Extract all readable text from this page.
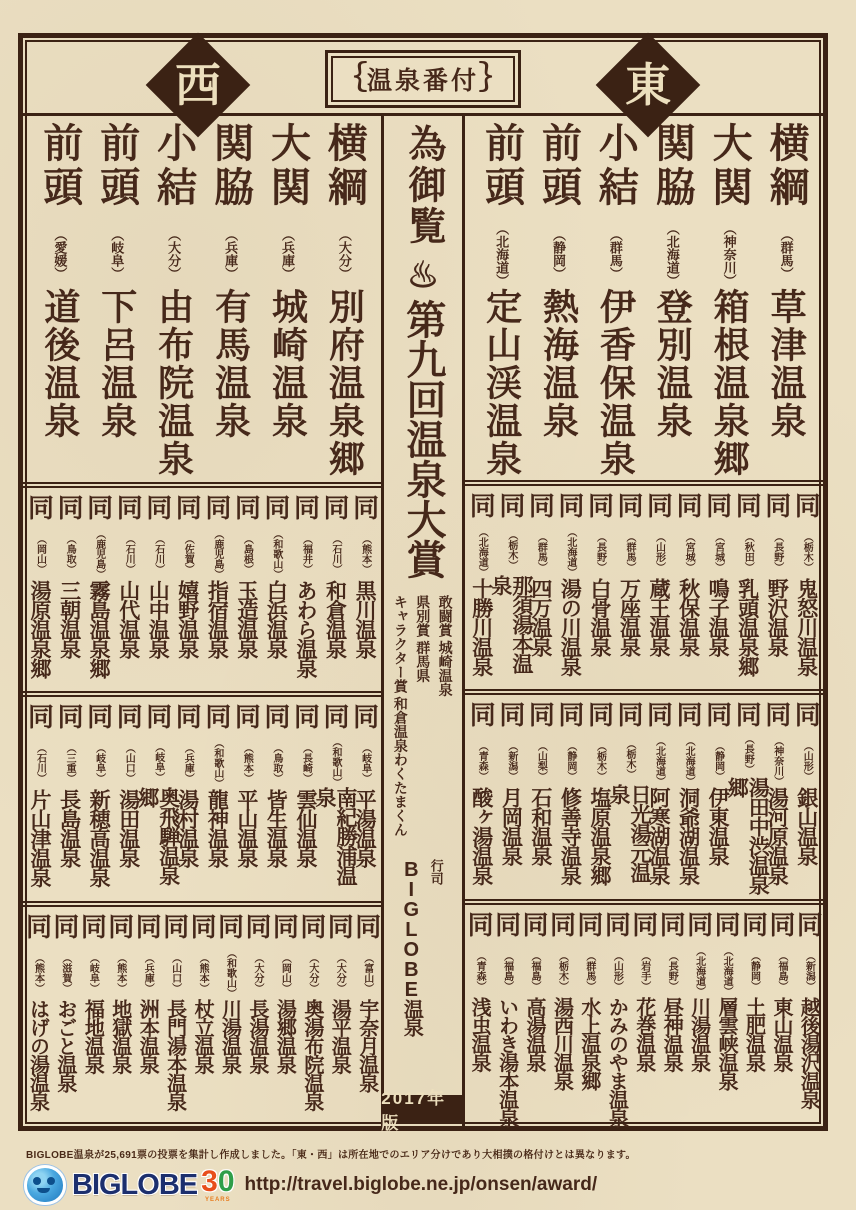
西	｛ 温泉番付 ｝	東
横綱
（大分）
別府温泉郷
大関
（兵庫）
城崎温泉
関脇
（兵庫）
有馬温泉
小結
（大分）
由布院温泉
前頭
（岐阜）
下呂温泉
前頭
（愛媛）
道後温泉
同
（熊本）
黒川温泉
同
（石川）
和倉温泉
同
（福井）
あわら温泉
同
（和歌山）
白浜温泉
同
（島根）
玉造温泉
同
（鹿児島）
指宿温泉
同
（佐賀）
嬉野温泉
同
（石川）
山中温泉
同
（石川）
山代温泉
同
（鹿児島）
霧島温泉郷
同
（鳥取）
三朝温泉
同
（岡山）
湯原温泉郷
同
（岐阜）
平湯温泉
同
（和歌山）
南紀勝浦温泉
同
（長崎）
雲仙温泉
同
（鳥取）
皆生温泉
同
（熊本）
平山温泉
同
（和歌山）
龍神温泉
同
（兵庫）
湯村温泉
同
（岐阜）
奥飛騨温泉郷
同
（山口）
湯田温泉
同
（岐阜）
新穂高温泉
同
（三重）
長島温泉
同
（石川）
片山津温泉
同
（富山）
宇奈月温泉
同
（大分）
湯平温泉
同
（大分）
奥湯布院温泉
同
（岡山）
湯郷温泉
同
（大分）
長湯温泉
同
（和歌山）
川湯温泉
同
（熊本）
杖立温泉
同
（山口）
長門湯本温泉
同
（兵庫）
洲本温泉
同
（熊本）
地獄温泉
同
（岐阜）
福地温泉
同
（滋賀）
おごと温泉
同
（熊本）
はげの湯温泉
為御覧
♨
第九回温泉大賞
敢闘賞 城崎温泉
県別賞 群馬県
キャラクター賞 和倉温泉わくたまくん
行司
BIGLOBE温泉
2017年版
横綱
（群馬）
草津温泉
大関
（神奈川）
箱根温泉郷
関脇
（北海道）
登別温泉
小結
（群馬）
伊香保温泉
前頭
（静岡）
熱海温泉
前頭
（北海道）
定山渓温泉
同
（栃木）
鬼怒川温泉
同
（長野）
野沢温泉
同
（秋田）
乳頭温泉郷
同
（宮城）
鳴子温泉
同
（宮城）
秋保温泉
同
（山形）
蔵王温泉
同
（群馬）
万座温泉
同
（長野）
白骨温泉
同
（北海道）
湯の川温泉
同
（群馬）
四万温泉
同
（栃木）
那須湯本温泉
同
（北海道）
十勝川温泉
同
（山形）
銀山温泉
同
（神奈川）
湯河原温泉
同
（長野）
湯田中渋温泉郷
同
（静岡）
伊東温泉
同
（北海道）
洞爺湖温泉
同
（北海道）
阿寒湖温泉
同
（栃木）
日光湯元温泉
同
（栃木）
塩原温泉郷
同
（静岡）
修善寺温泉
同
（山梨）
石和温泉
同
（新潟）
月岡温泉
同
（青森）
酸ヶ湯温泉
同
（新潟）
越後湯沢温泉
同
（福島）
東山温泉
同
（静岡）
土肥温泉
同
（北海道）
層雲峡温泉
同
（北海道）
川湯温泉
同
（長野）
昼神温泉
同
（岩手）
花巻温泉
同
（山形）
かみのやま温泉
同
（群馬）
水上温泉郷
同
（栃木）
湯西川温泉
同
（福島）
高湯温泉
同
（福島）
いわき湯本温泉
同
（青森）
浅虫温泉
BIGLOBE温泉が25,691票の投票を集計し作成しました。「東・西」は所在地でのエリア分けであり大相撲の格付けとは異なります。
BIGLOBE 30
YEARS
http://travel.biglobe.ne.jp/onsen/award/
